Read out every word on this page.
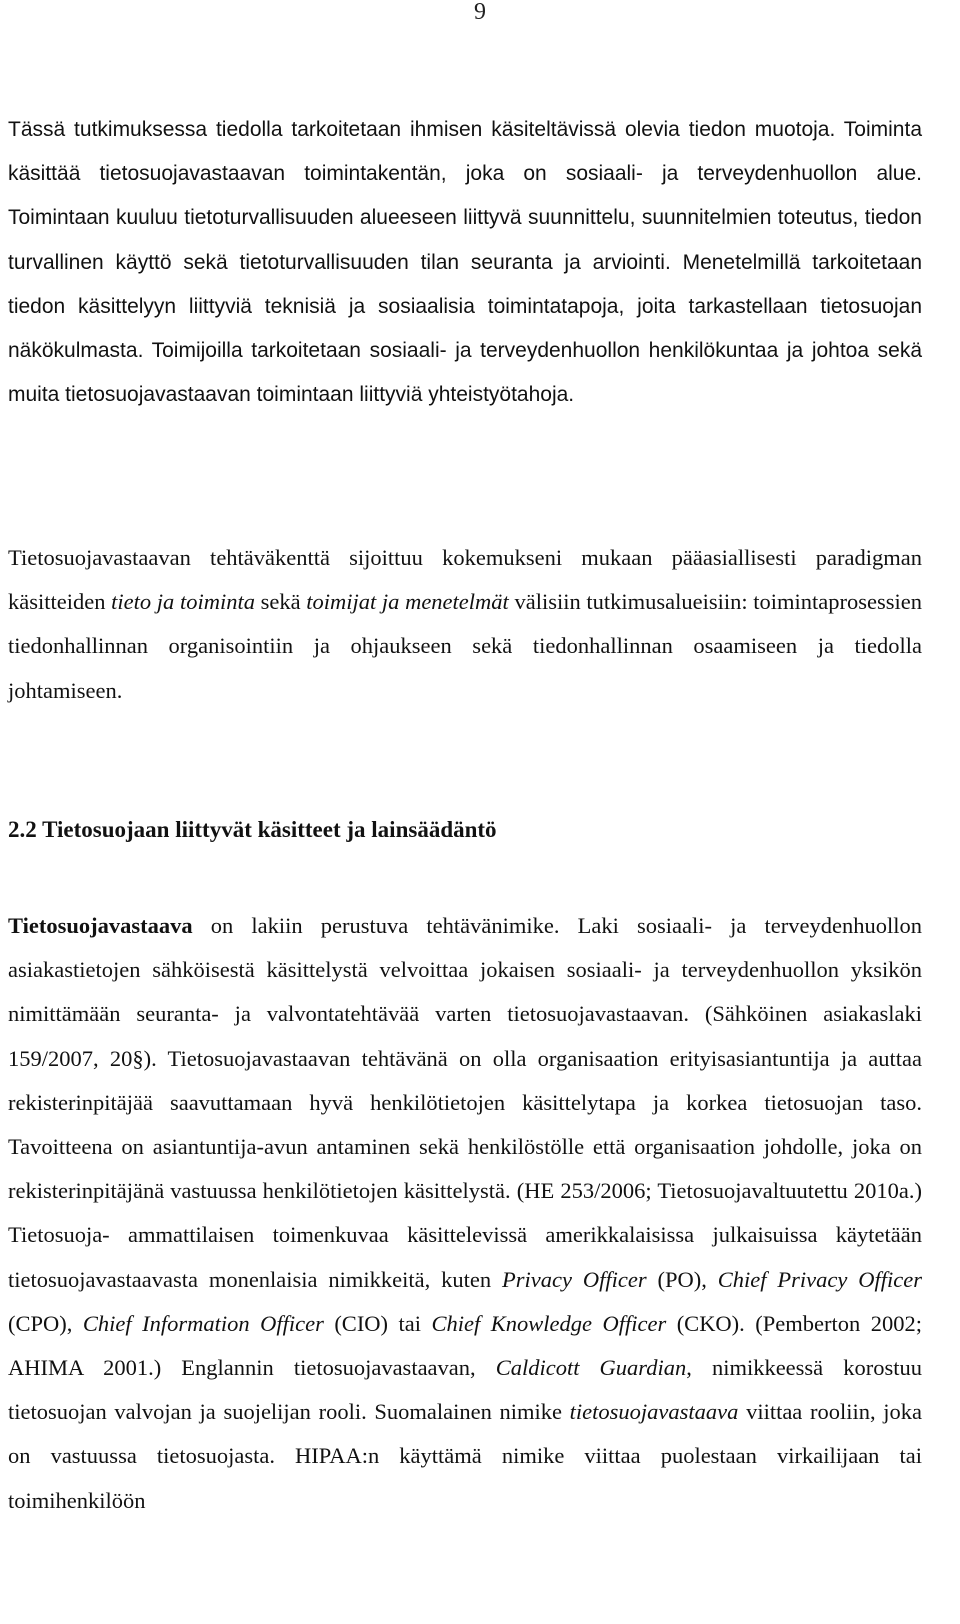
9

Tässä tutkimuksessa tiedolla tarkoitetaan ihmisen käsiteltävissä olevia tiedon muotoja. Toiminta käsittää tietosuojavastaavan toimintakentän, joka on sosiaali- ja terveydenhuollon alue. Toimintaan kuuluu tietoturvallisuuden alueeseen liittyvä suunnittelu, suunnitelmien toteutus, tiedon turvallinen käyttö sekä tietoturvallisuuden tilan seuranta ja arviointi. Menetelmillä tarkoitetaan tiedon käsittelyyn liittyviä teknisiä ja sosiaalisia toimintatapoja, joita tarkastellaan tietosuojan näkökulmasta. Toimijoilla tarkoitetaan sosiaali- ja terveydenhuollon henkilökuntaa ja johtoa sekä muita tietosuojavastaavan toimintaan liittyviä yhteistyötahoja.

Tietosuojavastaavan tehtäväkenttä sijoittuu kokemukseni mukaan pääasiallisesti paradigman käsitteiden tieto ja toiminta sekä toimijat ja menetelmät välisiin tutkimusalueisiin: toimintaprosessien tiedonhallinnan organisointiin ja ohjaukseen sekä tiedonhallinnan osaamiseen ja tiedolla johtamiseen.

2.2 Tietosuojaan liittyvät käsitteet ja lainsäädäntö

Tietosuojavastaava on lakiin perustuva tehtävänimike. Laki sosiaali- ja terveydenhuollon asiakastietojen sähköisestä käsittelystä velvoittaa jokaisen sosiaali- ja terveydenhuollon yksikön nimittämään seuranta- ja valvontatehtävää varten tietosuojavastaavan. (Sähköinen asiakaslaki 159/2007, 20§). Tietosuojavastaavan tehtävänä on olla organisaation erityisasiantuntija ja auttaa rekisterinpitäjää saavuttamaan hyvä henkilötietojen käsittelytapa ja korkea tietosuojan taso. Tavoitteena on asiantuntija-avun antaminen sekä henkilöstölle että organisaation johdolle, joka on rekisterinpitäjänä vastuussa henkilötietojen käsittelystä. (HE 253/2006; Tietosuojavaltuutettu 2010a.) Tietosuoja- ammattilaisen toimenkuvaa käsittelevissä amerikkalaisissa julkaisuissa käytetään tietosuojavastaavasta monenlaisia nimikkeitä, kuten Privacy Officer (PO), Chief Privacy Officer (CPO), Chief Information Officer (CIO) tai Chief Knowledge Officer (CKO). (Pemberton 2002; AHIMA 2001.) Englannin tietosuojavastaavan, Caldicott Guardian, nimikkeessä korostuu tietosuojan valvojan ja suojelijan rooli. Suomalainen nimike tietosuojavastaava viittaa rooliin, joka on vastuussa tietosuojasta. HIPAA:n käyttämä nimike viittaa puolestaan virkailijaan tai toimihenkilöön
